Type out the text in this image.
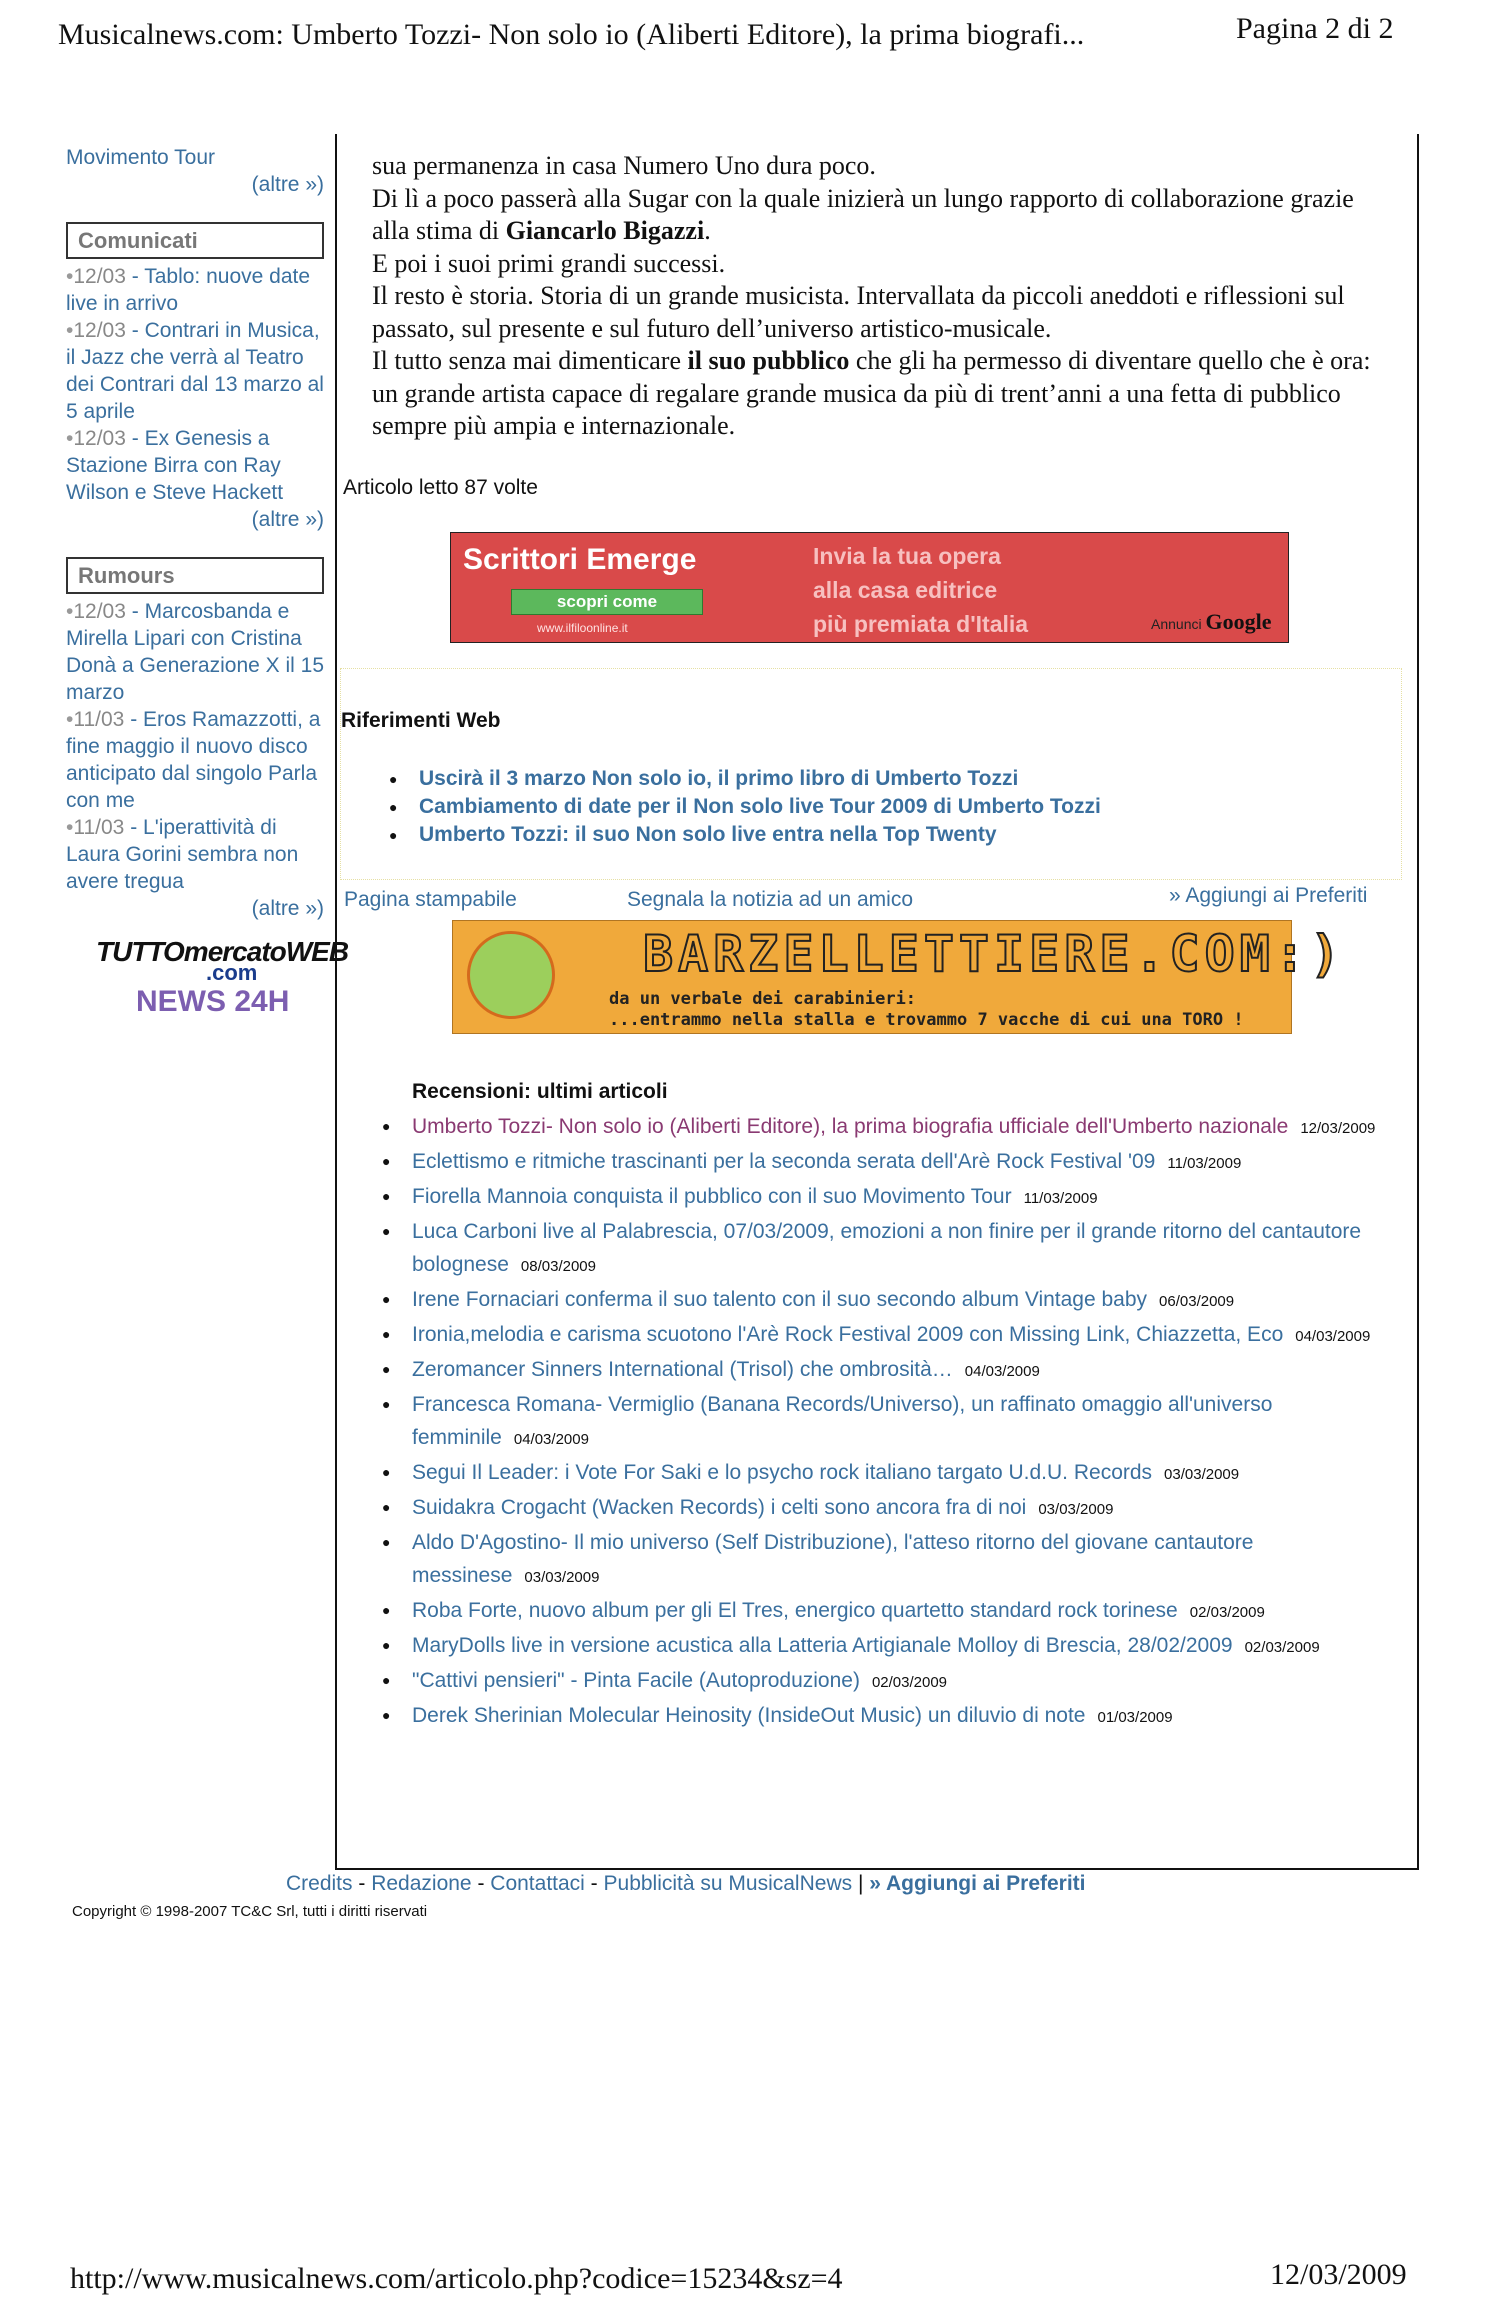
Musicalnews.com: Umberto Tozzi- Non solo io (Aliberti Editore), la prima biografi...	Pagina 2 di 2
Movimento Tour
(altre »)
Comunicati
•12/03 - Tablo: nuove date live in arrivo
•12/03 - Contrari in Musica, il Jazz che verrà al Teatro dei Contrari dal 13 marzo al 5 aprile
•12/03 - Ex Genesis a Stazione Birra con Ray Wilson e Steve Hackett
(altre »)
Rumours
•12/03 - Marcosbanda e Mirella Lipari con Cristina Donà a Generazione X il 15 marzo
•11/03 - Eros Ramazzotti, a fine maggio il nuovo disco anticipato dal singolo Parla con me
•11/03 - L'iperattività di Laura Gorini sembra non avere tregua
(altre »)
TUTTOmercatoWEB
.com
NEWS 24H

sua permanenza in casa Numero Uno dura poco.

Di lì a poco passerà alla Sugar con la quale inizierà un lungo rapporto di collaborazione grazie alla stima di Giancarlo Bigazzi.

E poi i suoi primi grandi successi.

Il resto è storia. Storia di un grande musicista. Intervallata da piccoli aneddoti e riflessioni sul passato, sul presente e sul futuro dell’universo artistico-musicale.

Il tutto senza mai dimenticare il suo pubblico che gli ha permesso di diventare quello che è ora: un grande artista capace di regalare grande musica da più di trent’anni a una fetta di pubblico sempre più ampia e internazionale.

Articolo letto 87 volte
Scrittori Emerge
scopri come
www.ilfiloonline.it
Invia la tua opera
alla casa editrice
più premiata d'Italia	Annunci Google
Riferimenti Web
● Uscirà il 3 marzo Non solo io, il primo libro di Umberto Tozzi
● Cambiamento di date per il Non solo live Tour 2009 di Umberto Tozzi
● Umberto Tozzi: il suo Non solo live entra nella Top Twenty
Pagina stampabile	Segnala la notizia ad un amico	» Aggiungi ai Preferiti
BARZELLETTIERE.COM:)
da un verbale dei carabinieri:
...entrammo nella stalla e trovammo 7 vacche di cui una TORO !
Recensioni: ultimi articoli
● Umberto Tozzi- Non solo io (Aliberti Editore), la prima biografia ufficiale dell'Umberto nazionale 12/03/2009
● Eclettismo e ritmiche trascinanti per la seconda serata dell'Arè Rock Festival '09 11/03/2009
● Fiorella Mannoia conquista il pubblico con il suo Movimento Tour 11/03/2009
● Luca Carboni live al Palabrescia, 07/03/2009, emozioni a non finire per il grande ritorno del cantautore bolognese 08/03/2009
● Irene Fornaciari conferma il suo talento con il suo secondo album Vintage baby 06/03/2009
● Ironia,melodia e carisma scuotono l'Arè Rock Festival 2009 con Missing Link, Chiazzetta, Eco 04/03/2009
● Zeromancer Sinners International (Trisol) che ombrosità… 04/03/2009
● Francesca Romana- Vermiglio (Banana Records/Universo), un raffinato omaggio all'universo femminile 04/03/2009
● Segui Il Leader: i Vote For Saki e lo psycho rock italiano targato U.d.U. Records 03/03/2009
● Suidakra Crogacht (Wacken Records) i celti sono ancora fra di noi 03/03/2009
● Aldo D'Agostino- Il mio universo (Self Distribuzione), l'atteso ritorno del giovane cantautore messinese 03/03/2009
● Roba Forte, nuovo album per gli El Tres, energico quartetto standard rock torinese 02/03/2009
● MaryDolls live in versione acustica alla Latteria Artigianale Molloy di Brescia, 28/02/2009 02/03/2009
● "Cattivi pensieri" - Pinta Facile (Autoproduzione) 02/03/2009
● Derek Sherinian Molecular Heinosity (InsideOut Music) un diluvio di note 01/03/2009
Credits - Redazione - Contattaci - Pubblicità su MusicalNews | » Aggiungi ai Preferiti
Copyright © 1998-2007 TC&C Srl, tutti i diritti riservati
http://www.musicalnews.com/articolo.php?codice=15234&sz=4	12/03/2009
